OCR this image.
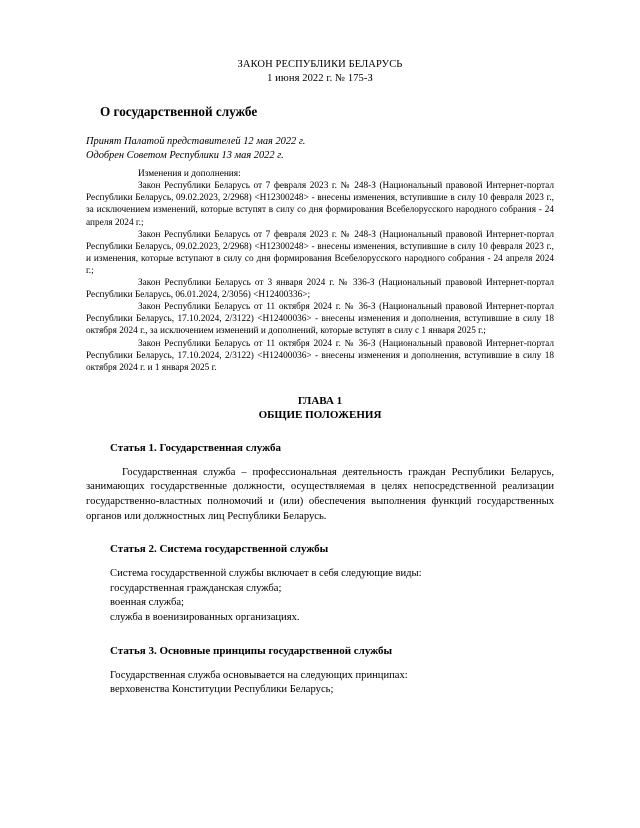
ЗАКОН РЕСПУБЛИКИ БЕЛАРУСЬ
1 июня 2022 г. № 175-З
О государственной службе
Принят Палатой представителей 12 мая 2022 г.
Одобрен Советом Республики 13 мая 2022 г.
Изменения и дополнения:
Закон Республики Беларусь от 7 февраля 2023 г. № 248-З (Национальный правовой Интернет-портал Республики Беларусь, 09.02.2023, 2/2968) <H12300248> - внесены изменения, вступившие в силу 10 февраля 2023 г., за исключением изменений, которые вступят в силу со дня формирования Всебелорусского народного собрания - 24 апреля 2024 г.;
Закон Республики Беларусь от 7 февраля 2023 г. № 248-З (Национальный правовой Интернет-портал Республики Беларусь, 09.02.2023, 2/2968) <H12300248> - внесены изменения, вступившие в силу 10 февраля 2023 г., и изменения, которые вступают в силу со дня формирования Всебелорусского народного собрания - 24 апреля 2024 г.;
Закон Республики Беларусь от 3 января 2024 г. № 336-З (Национальный правовой Интернет-портал Республики Беларусь, 06.01.2024, 2/3056) <H12400336>;
Закон Республики Беларусь от 11 октября 2024 г. № 36-З (Национальный правовой Интернет-портал Республики Беларусь, 17.10.2024, 2/3122) <H12400036> - внесены изменения и дополнения, вступившие в силу 18 октября 2024 г., за исключением изменений и дополнений, которые вступят в силу с 1 января 2025 г.;
Закон Республики Беларусь от 11 октября 2024 г. № 36-З (Национальный правовой Интернет-портал Республики Беларусь, 17.10.2024, 2/3122) <H12400036> - внесены изменения и дополнения, вступившие в силу 18 октября 2024 г. и 1 января 2025 г.
ГЛАВА 1
ОБЩИЕ ПОЛОЖЕНИЯ
Статья 1. Государственная служба
Государственная служба – профессиональная деятельность граждан Республики Беларусь, занимающих государственные должности, осуществляемая в целях непосредственной реализации государственно-властных полномочий и (или) обеспечения выполнения функций государственных органов или должностных лиц Республики Беларусь.
Статья 2. Система государственной службы
Система государственной службы включает в себя следующие виды:
государственная гражданская служба;
военная служба;
служба в военизированных организациях.
Статья 3. Основные принципы государственной службы
Государственная служба основывается на следующих принципах:
верховенства Конституции Республики Беларусь;
